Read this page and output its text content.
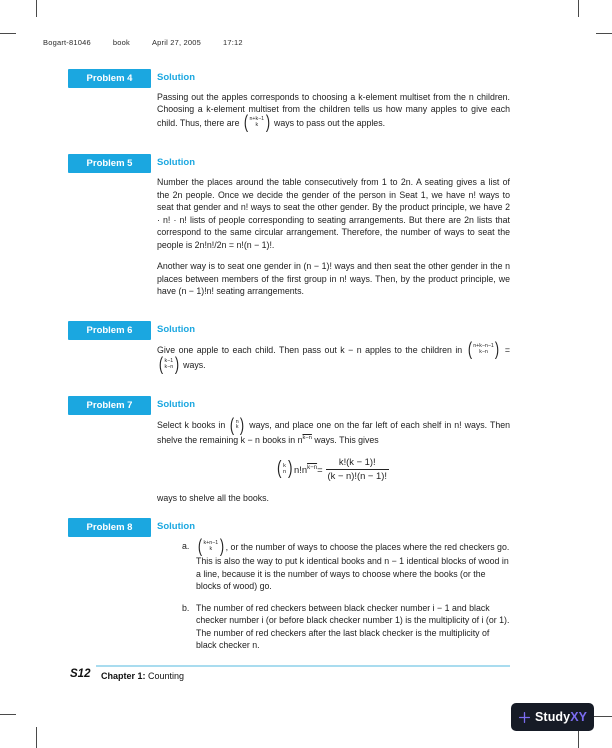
Bogart-81046	book	April 27, 2005	17:12
Problem 4	Solution
Passing out the apples corresponds to choosing a k-element multiset from the n children. Choosing a k-element multiset from the children tells us how many apples to give each child. Thus, there are ( n+k−1
k ) ways to pass out the apples.
Problem 5	Solution
Number the places around the table consecutively from 1 to 2n. A seating gives a list of the 2n people. Once we decide the gender of the person in Seat 1, we have n! ways to seat that gender and n! ways to seat the other gender. By the product principle, we have 2 · n! · n! lists of people corresponding to seating arrangements. But there are 2n lists that correspond to the same circular arrangement. Therefore, the number of ways to seat the people is 2n!n!/2n = n!(n − 1)!.
Another way is to seat one gender in (n − 1)! ways and then seat the other gender in the n places between members of the first group in n! ways. Then, by the product principle, we have (n − 1)!n! seating arrangements.
Problem 6	Solution
Give one apple to each child. Then pass out k − n apples to the children in ( n+k−n−1
k−n ) =
( k−1
k−n ) ways.
Problem 7	Solution
Select k books in ( n
k ) ways, and place one on the far left of each shelf in n! ways. Then shelve the remaining k − n books in $n^{k-n}$ ways. This gives
( k
n ) n! $n^{k-n} = \frac{k!(k - 1)!}{(k - n)!(n - 1)!}$
ways to shelve all the books.
Problem 8	Solution
a. ( k+n−1
k ) , or the number of ways to choose the places where the red checkers go. This is also the way to put k identical books and n − 1 identical blocks of wood in a line, because it is the number of ways to choose where the books (or the blocks of wood) go.
b. The number of red checkers between black checker number i − 1 and black checker number i (or before black checker number 1) is the multiplicity of i (or 1). The number of red checkers after the last black checker is the multiplicity of black checker n.
S12 Chapter 1: Counting
StudyXY
